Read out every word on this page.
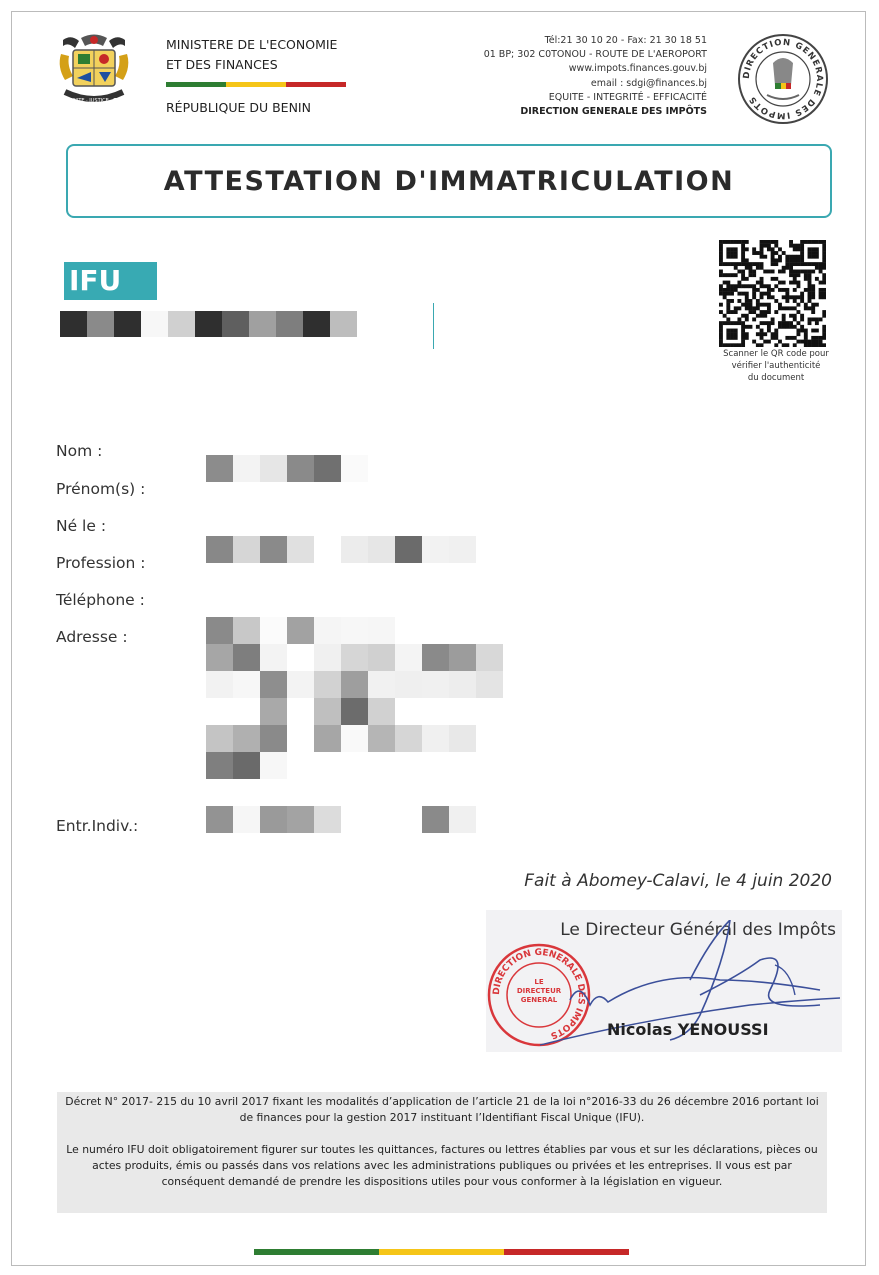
FRATERNITE · JUSTICE · TRAVAIL
MINISTERE DE L'ECONOMIE
ET DES FINANCES
RÉPUBLIQUE DU BENIN
Tél:21 30 10 20 - Fax: 21 30 18 51
01 BP; 302 C0TONOU - ROUTE DE L'AEROPORT
www.impots.finances.gouv.bj
email : sdgi@finances.bj
EQUITE - INTEGRITÉ - EFFICACITÉ
DIRECTION GENERALE DES IMPÔTS
DIRECTION GENERALE DES IMPOTS
ATTESTATION D'IMMATRICULATION
IFU
Scanner le QR code pour
vérifier l'authenticité
du document
Nom :
Prénom(s) :
Né le :
Profession :
Téléphone :
Adresse :
Entr.Indiv.:
Fait à Abomey-Calavi, le 4 juin 2020
Le Directeur Général des Impôts
DIRECTION GENERALE DES IMPOTS
LE DIRECTEUR GENERAL
Nicolas YENOUSSI

Décret N° 2017- 215 du 10 avril 2017 fixant les modalités d’application de l’article 21 de la loi n°2016-33 du 26 décembre 2016 portant loi de finances pour la gestion 2017 instituant l’Identifiant Fiscal Unique (IFU).

Le numéro IFU doit obligatoirement figurer sur toutes les quittances, factures ou lettres établies par vous et sur les déclarations, pièces ou actes produits, émis ou passés dans vos relations avec les administrations publiques ou privées et les entreprises. Il vous est par conséquent demandé de prendre les dispositions utiles pour vous conformer à la législation en vigueur.
